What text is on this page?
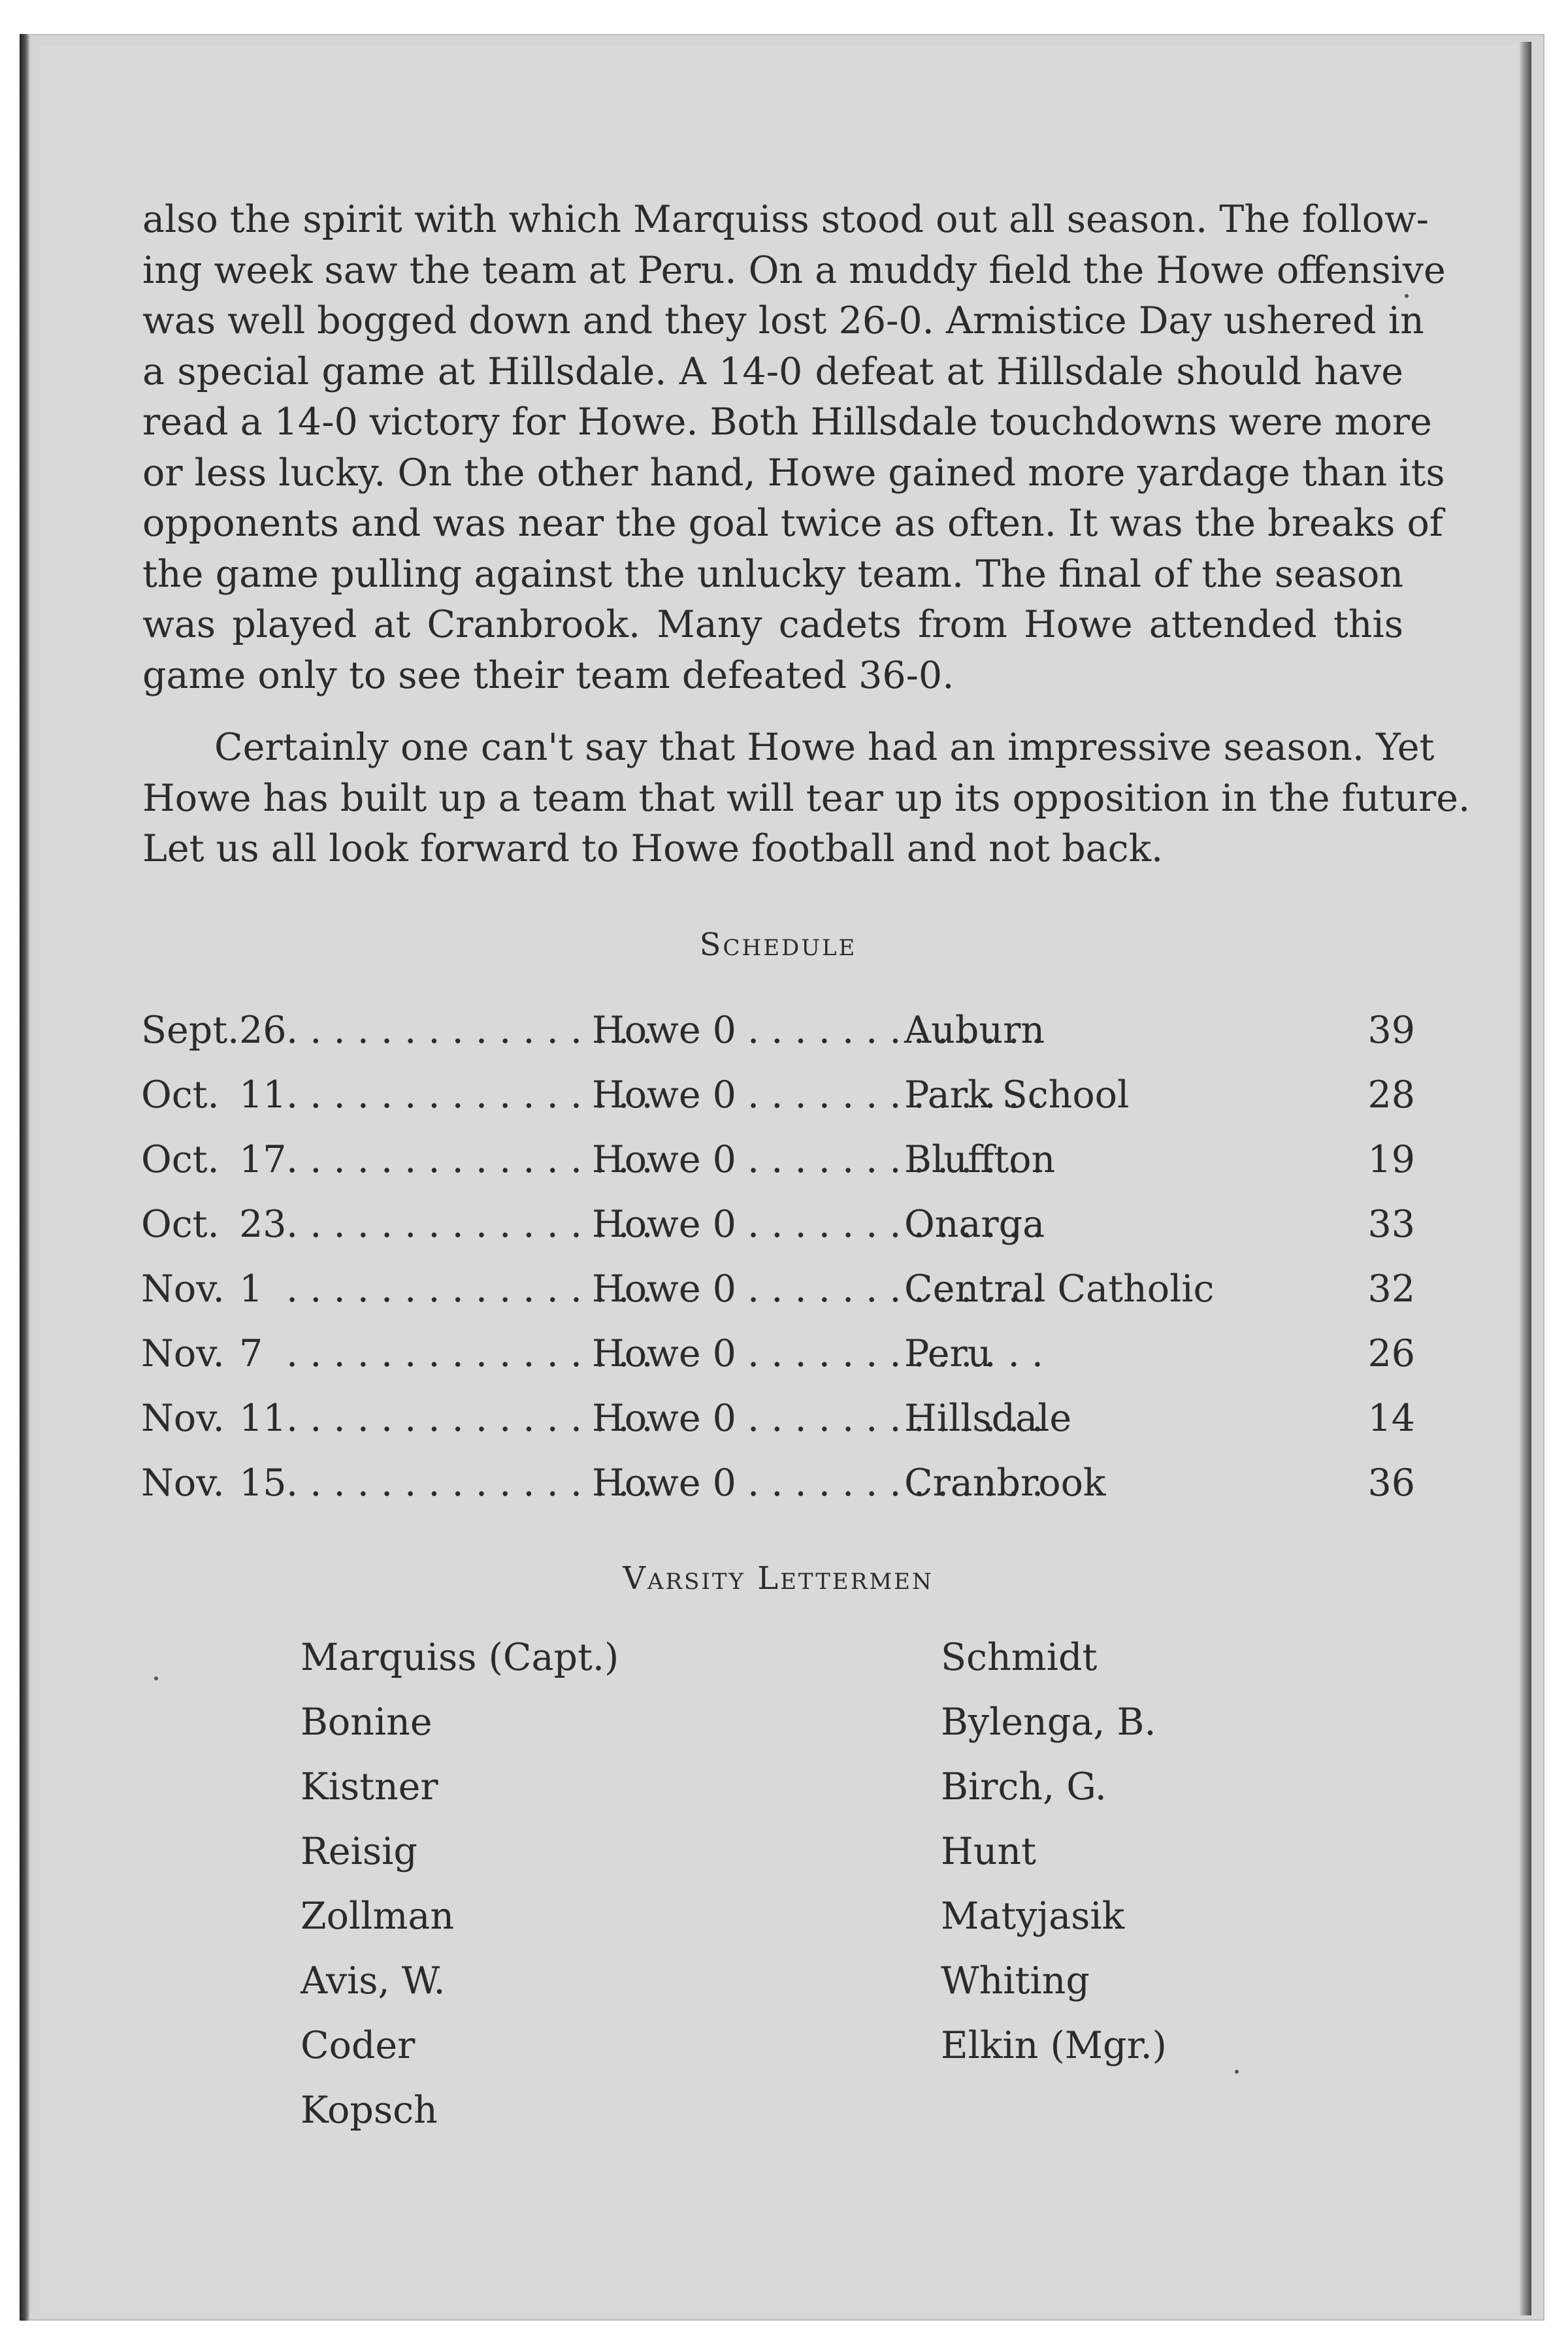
also the spirit with which Marquiss stood out all season. The follow-
ing week saw the team at Peru. On a muddy field the Howe offensive
was well bogged down and they lost 26-0. Armistice Day ushered in
a special game at Hillsdale. A 14-0 defeat at Hillsdale should have
read a 14-0 victory for Howe. Both Hillsdale touchdowns were more
or less lucky. On the other hand, Howe gained more yardage than its
opponents and was near the goal twice as often. It was the breaks of
the game pulling against the unlucky team. The final of the season
was played at Cranbrook. Many cadets from Howe attended this
game only to see their team defeated 36-0.

Certainly one can't say that Howe had an impressive season. Yet
Howe has built up a team that will tear up its opposition in the future.
Let us all look forward to Howe football and not back.

Schedule
Sept. 26 . . .	Howe 0 . . .	Auburn	39
Oct. 11 . . .	Howe 0 . . .	Park School	28
Oct. 17 . . .	Howe 0 . . .	Bluffton	19
Oct. 23 . . .	Howe 0 . . .	Onarga	33
Nov. 1 . . .	Howe 0 . . .	Central Catholic	32
Nov. 7 . . .	Howe 0 . . .	Peru	26
Nov. 11 . . .	Howe 0 . . .	Hillsdale	14
Nov. 15 . . .	Howe 0 . . .	Cranbrook	36
Varsity Lettermen
Marquiss (Capt.)
Bonine
Kistner
Reisig
Zollman
Avis, W.
Coder
Kopsch
Schmidt
Bylenga, B.
Birch, G.
Hunt
Matyjasik
Whiting
Elkin (Mgr.)
